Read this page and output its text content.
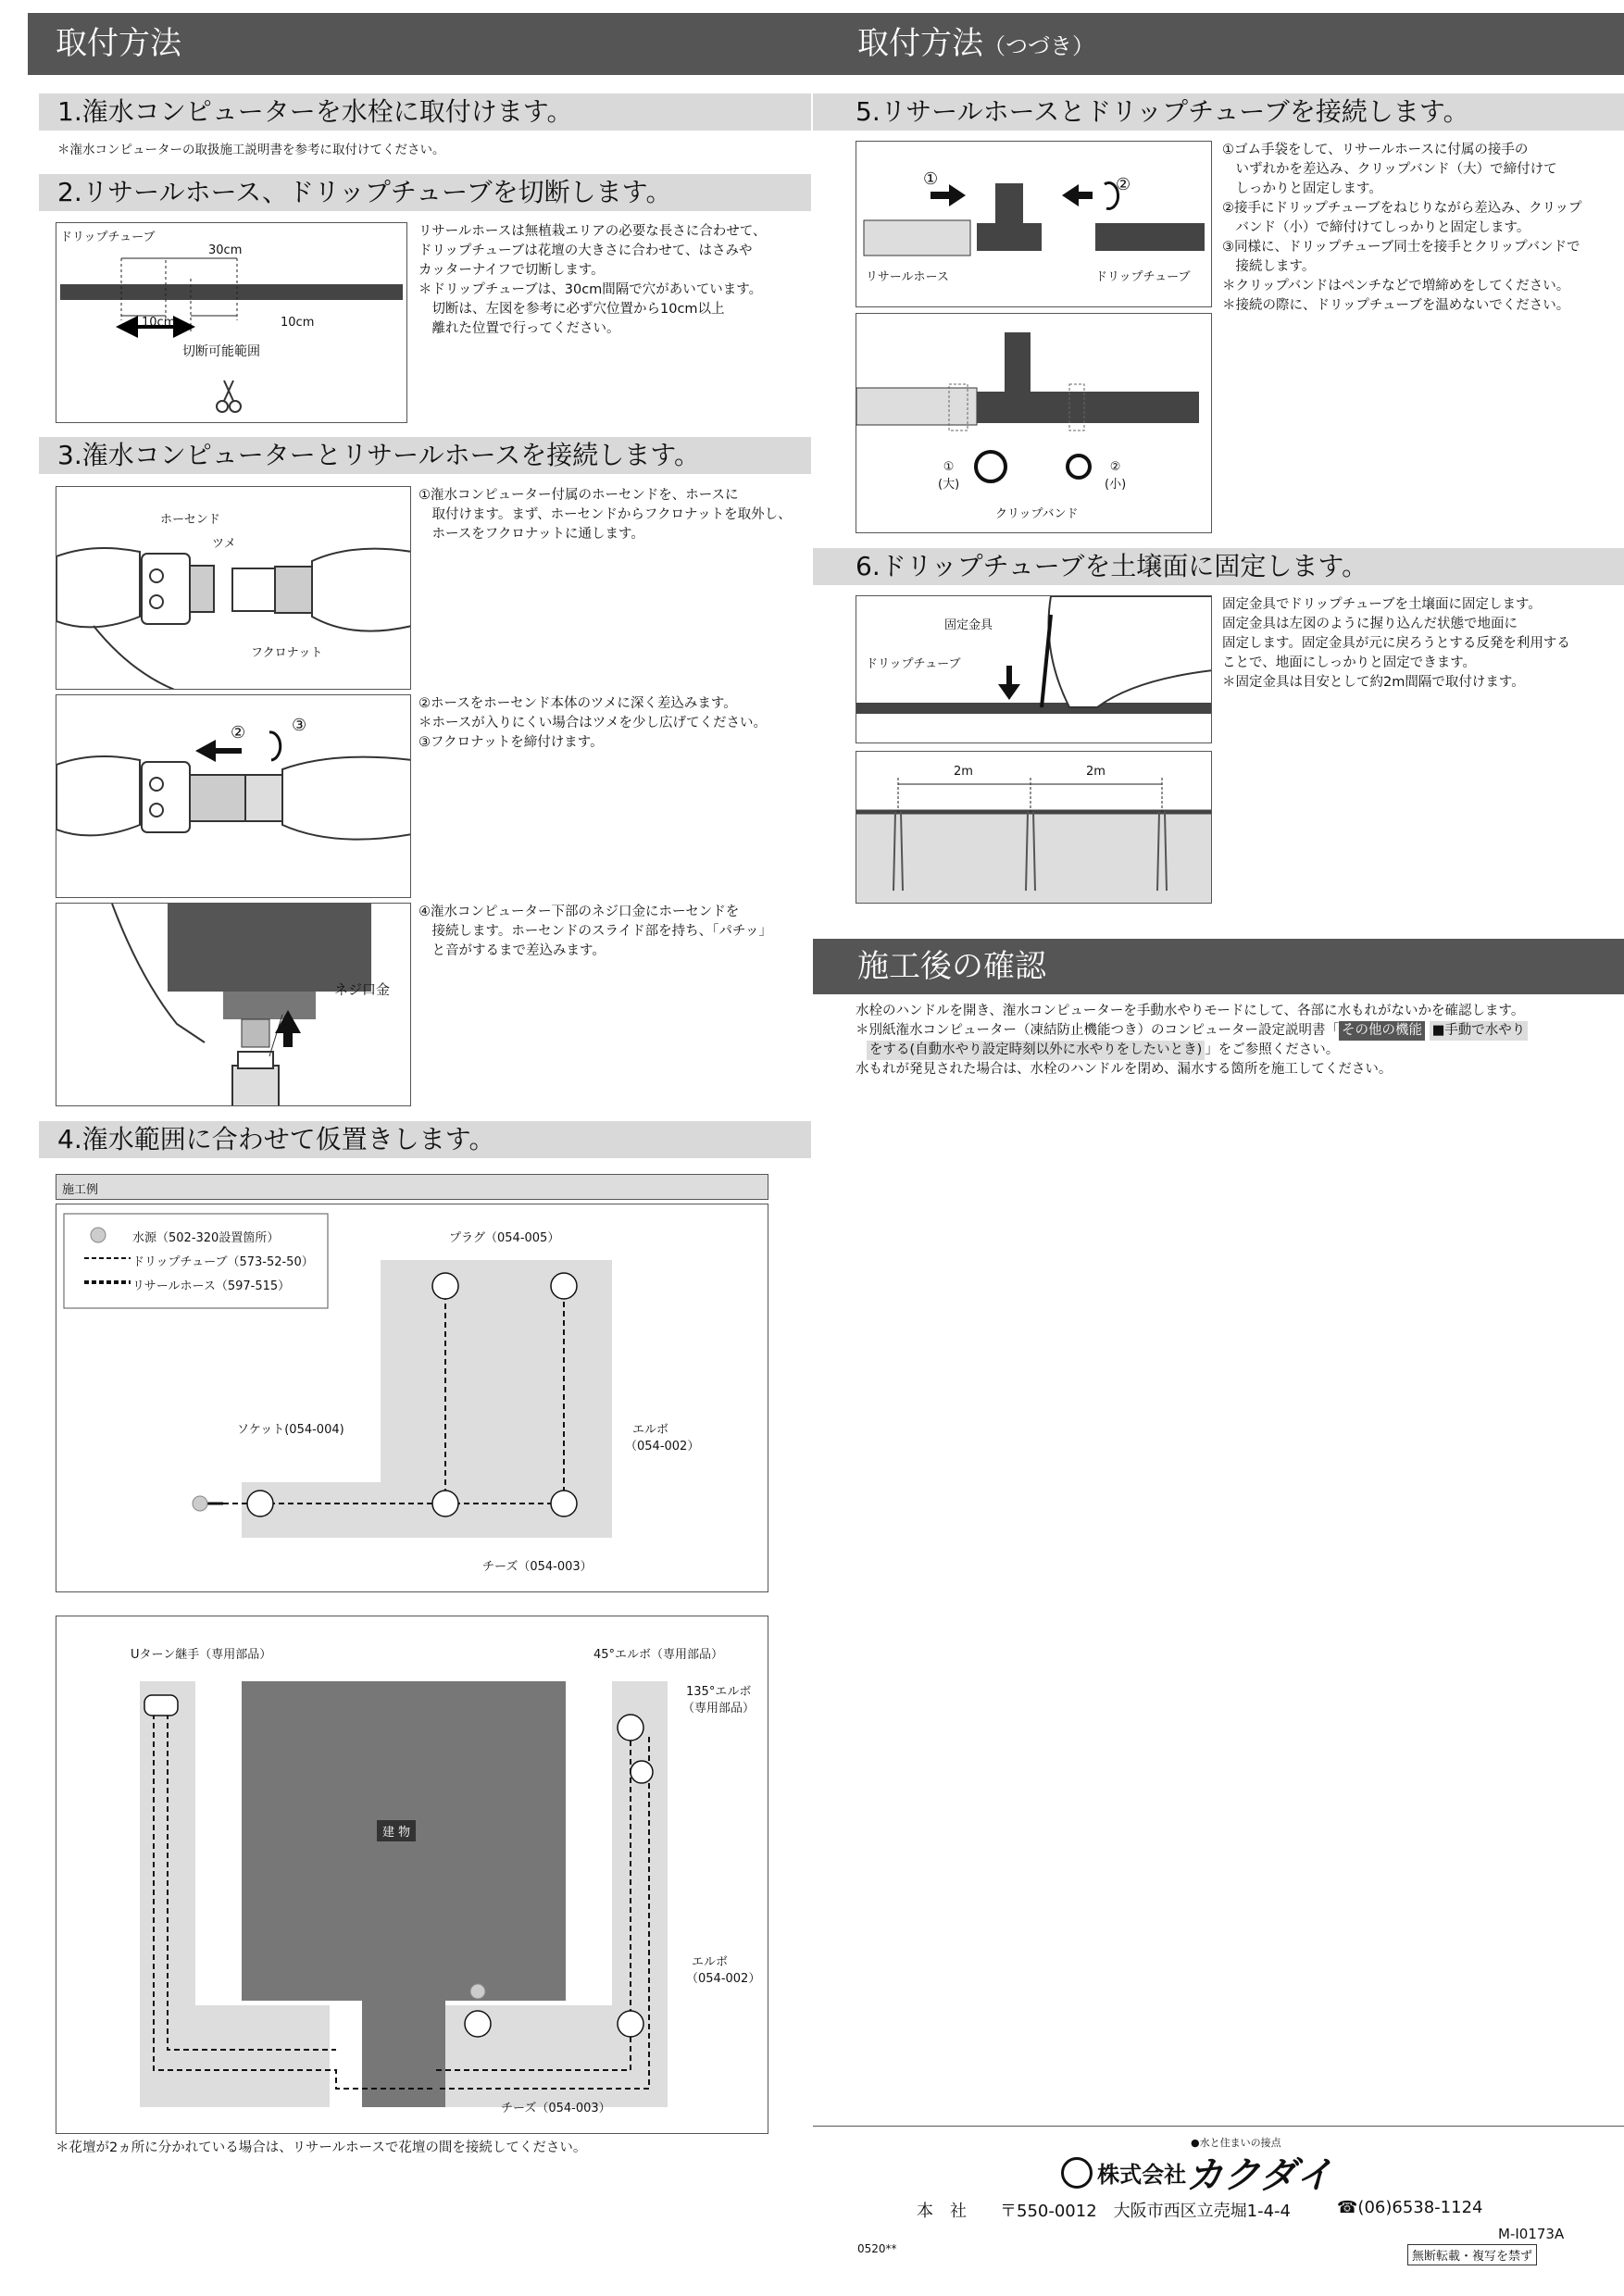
取付方法	取付方法（つづき）
1.潅水コンピューターを水栓に取付けます。
＊潅水コンピューターの取扱施工説明書を参考に取付けてください。
2.リサールホース、ドリップチューブを切断します。
ドリップチューブ
30cm
10cm	10cm
切断可能範囲
リサールホースは無植栽エリアの必要な長さに合わせて、
ドリップチューブは花壇の大きさに合わせて、はさみや
カッターナイフで切断します。
＊ドリップチューブは、30cm間隔で穴があいています。
　切断は、左図を参考に必ず穴位置から10cm以上
　離れた位置で行ってください。
3.潅水コンピューターとリサールホースを接続します。
ホーセンド
ツメ
フクロナット
①潅水コンピューター付属のホーセンドを、ホースに
　取付けます。まず、ホーセンドからフクロナットを取外し、
　ホースをフクロナットに通します。
②	③
②ホースをホーセンド本体のツメに深く差込みます。
＊ホースが入りにくい場合はツメを少し広げてください。
③フクロナットを締付けます。
ネジ口金
④潅水コンピューター下部のネジ口金にホーセンドを
　接続します。ホーセンドのスライド部を持ち、「パチッ」
　と音がするまで差込みます。
4.潅水範囲に合わせて仮置きします。
施工例
水源（502-320設置箇所）
ドリップチューブ（573-52-50）
リサールホース（597-515）
プラグ（054-005）
ソケット(054-004)	エルボ
（054-002）
チーズ（054-003）
Uターン継手（専用部品）	45°エルボ（専用部品）
135°エルボ
（専用部品）
建 物
エルボ
（054-002）
チーズ（054-003）
＊花壇が2ヵ所に分かれている場合は、リサールホースで花壇の間を接続してください。
5.リサールホースとドリップチューブを接続します。
①	②
リサールホース	ドリップチューブ
①
(大)
②
(小)
クリップバンド
①ゴム手袋をして、リサールホースに付属の接手の
　いずれかを差込み、クリップバンド（大）で締付けて
　しっかりと固定します。
②接手にドリップチューブをねじりながら差込み、クリップ
　バンド（小）で締付けてしっかりと固定します。
③同様に、ドリップチューブ同士を接手とクリップバンドで
　接続します。
＊クリップバンドはペンチなどで増締めをしてください。
＊接続の際に、ドリップチューブを温めないでください。
6.ドリップチューブを土壌面に固定します。
固定金具
ドリップチューブ
2m	2m
固定金具でドリップチューブを土壌面に固定します。
固定金具は左図のように握り込んだ状態で地面に
固定します。固定金具が元に戻ろうとする反発を利用する
ことで、地面にしっかりと固定できます。
＊固定金具は目安として約2m間隔で取付けます。
施工後の確認
水栓のハンドルを開き、潅水コンピューターを手動水やりモードにして、各部に水もれがないかを確認します。
＊別紙潅水コンピューター（凍結防止機能つき）のコンピューター設定説明書「 その他の機能 ■手動で水やり
をする(自動水やり設定時刻以外に水やりをしたいとき) 」をご参照ください。
水もれが発見された場合は、水栓のハンドルを閉め、漏水する箇所を施工してください。
●水と住まいの接点
株式会社カクダイ
本　社　　〒550-0012　大阪市西区立売堀1-4-4	☎(06)6538-1124
M-I0173A
0520**
無断転載・複写を禁ず
